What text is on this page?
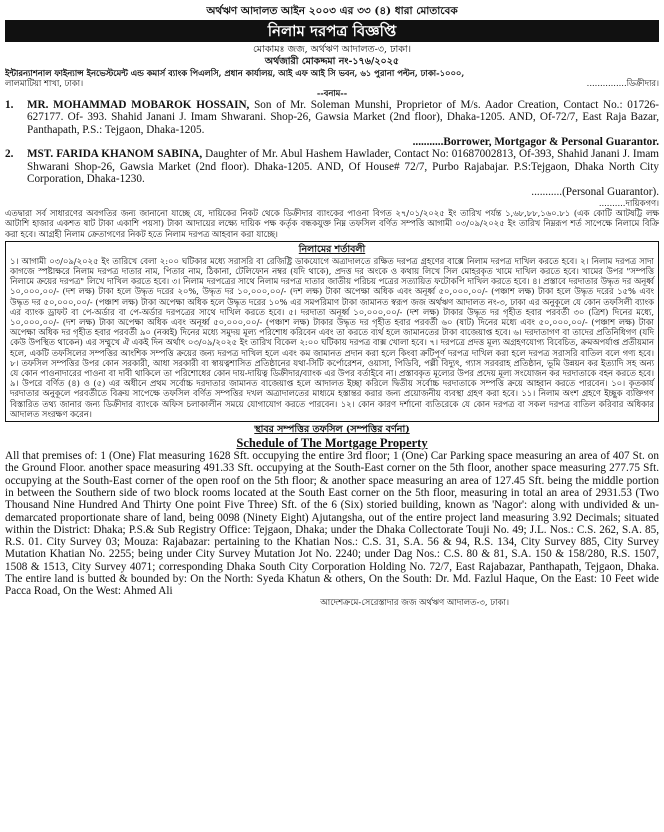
অর্থঋণ আদালত আইন ২০০৩ এর ৩৩ (৪) ধারা মোতাবেক
নিলাম দরপত্র বিজ্ঞপ্তি
মোকামঃ জজ, অর্থঋণ আদালত-৩, ঢাকা।
অর্থজারী মোকদ্দমা নং-১৭৬/২০২৫
ইন্টারন্যাশনাল ফাইন্যান্স ইনভেস্টমেন্ট এন্ড কমার্স ব্যাংক পিএলসি, প্রধান কার্যালয়, আই এফ আই সি ভবন, ৬১ পুরানা পল্টন, ঢাকা-১০০০,
লালমাটিয়া শাখা, ঢাকা।	...............ডিক্রীদার।
--বনাম--
1.	MR. MOHAMMAD MOBAROK HOSSAIN, Son of Mr. Soleman Munshi, Proprietor of M/s. Aador Creation, Contact No.: 01726-627177. Of- 393. Shahid Janani J. Imam Shwarani. Shop-26, Gawsia Market (2nd floor), Dhaka-1205. AND, Of-72/7, East Raja Bazar, Panthapath, P.S.: Tejgaon, Dhaka-1205.
...........Borrower, Mortgagor & Personal Guarantor.
2.	MST. FARIDA KHANOM SABINA, Daughter of Mr. Abul Hashem Hawlader, Contact No: 01687002813, Of-393, Shahid Janani J. Imam Shwarani Shop-26, Gawsia Market (2nd floor). Dhaka-1205. AND, Of House# 72/7, Purbo Rajabajar. P.S:Tejgaon, Dhaka North City Corporation, Dhaka-1230.
...........(Personal Guarantor).
..........দায়িকগণ।
এতদ্বারা সর্ব সাধারণের অবগতির জন্য জানানো যাচ্ছে যে, দায়িকের নিকট থেকে ডিক্রীদার ব্যাংকের পাওনা বিগত ২৭/০১/২০২৫ ইং তারিখ পর্যন্ত ১,৬৮,৮৮,১৬০.৮১ (এক কোটি আটষট্টি লক্ষ আটাশি হাজার একশত ষাট টাকা একাশি পয়সা) টাকা আদায়ের লক্ষ্যে দায়িক পক্ষ কর্তৃক বন্ধকযুক্ত নিম্ন তফসিল বর্ণিত সম্পত্তি আগামী ০৩/০৯/২০২৫ ইং তারিখ নিম্নরূপ শর্ত সাপেক্ষে নিলামে বিক্রি করা হবে। আগ্রহী নিলাম ক্রেতাগণের নিকট হতে নিলাম দরপত্র আহবান করা যাচ্ছে।
নিলামের শর্তাবলী
১। আগামী ০৩/০৯/২০২৫ ইং তারিখে বেলা ২:০০ ঘটিকার মধ্যে সরাসরি বা রেজিষ্ট্রি ডাকযোগে অত্রাদালতে রক্ষিত দরপত্র গ্রহণের বাক্সে নিলাম দরপত্র দাখিল করতে হবে। ২। নিলাম দরপত্র সাদা কাগজে স্পষ্টাক্ষরে নিলাম দরপত্র দাতার নাম, পিতার নাম, ঠিকানা, টেলিফোন নম্বর (যদি থাকে), প্রদত্ত দর অংকে ও কথায় লিখে সিল মোহরকৃত খামে দাখিল করতে হবে। খামের উপর "সম্পত্তি নিলামে ক্রয়ের দরপত্র" লিখে দাখিল করতে হবে। ৩। নিলাম দরপত্রের সাথে নিলাম দরপত্র দাতার জাতীয় পরিচয় পত্রের সত্যায়িত ফটোকপি দাখিল করতে হবে। ৪। প্রস্তাবে দরদাতার উদ্ধৃত দর অনূর্ধ্ব ১০,০০০,০০/- (দশ লক্ষ) টাকা হলে উদ্ধৃত দরের ২০%, উদ্ধৃত দর ১০,০০০,০০/- (দশ লক্ষ) টাকা অপেক্ষা অধিক এবং অনূর্ধ্ব ৫০,০০০,০০/- (পঞ্চাশ লক্ষ) টাকা হলে উদ্ধৃত দরের ১৫% এবং উদ্ধৃত দর ৫০,০০০,০০/- (পঞ্চাশ লক্ষ) টাকা অপেক্ষা অধিক হলে উদ্ধৃত দরের ১০% এর সমপরিমাণ টাকা জামানত স্বরূপ জজ অর্থঋণ আদালত নং-৩, ঢাকা এর অনুকূলে যে কোন তফসিলী ব্যাংক এর ব্যাংক ড্রাফট বা পে-অর্ডার বা পে-অর্ডার দরপত্রের সাথে দাখিল করতে হবে। ৫। দরদাতা অনূর্ধ্ব ১০,০০০,০০/- (দশ লক্ষ) টাকার উদ্ধৃত দর গৃহীত হবার পরবর্তী ৩০ (ত্রিশ) দিনের মধ্যে, ১০,০০০,০০/- (দশ লক্ষ) টাকা অপেক্ষা অধিক এবং অনূর্ধ্ব ৫০,০০০,০০/- (পঞ্চাশ লক্ষ) টাকার উদ্ধৃত দর গৃহীত হবার পরবর্তী ৬০ (ষাট) দিনের মধ্যে এবং ৫০,০০০,০০/- (পঞ্চাশ লক্ষ) টাকা অপেক্ষা অধিক দর গৃহীত হবার পরবর্তী ৯০ (নব্বই) দিনের মধ্যে সমুদয় মূল্য পরিশোধ করিবেন এবং তা করতে ব্যর্থ হলে জামানতের টাকা বাজেয়াপ্ত হবে। ৬। দরদাতাগণ বা তাদের প্রতিনিধিগণ (যদি কেউ উপস্থিত থাকেন) এর সম্মুখে ঐ একই দিন অর্থাৎ ০৩/০৯/২০২৫ ইং তারিখ বিকেল ২:০০ ঘটিকায় দরপত্র বাক্স খোলা হবে। ৭। দরপত্রে প্রদত্ত মূল্য অগ্রহণযোগ্য বিবেচিত, ক্রমঅপর্যাপ্ত প্রতীয়মান হলে, একটি তফসিলের সম্পত্তির আংশিক সম্পত্তি ক্রয়ের জন্য দরপত্র দাখিল হলে এবং কম জামানত প্রদান করা হলে কিংবা ক্রটিপূর্ণ দরপত্র দাখিল করা হলে দরপত্র সরাসরি বাতিল বলে গণ্য হবে। ৮। তফসিল সম্পত্তির উপর কোন সরকারী, আধা সরকারী বা স্বায়ত্বশাসিত প্রতিষ্ঠানের যথা-সিটি কর্পোরেশন, ওয়াসা, পিডিবি, পল্লী বিদ্যুৎ, গ্যাস সরবরাহ প্রতিষ্ঠান, ভূমি উন্নয়ন কর ইত্যাদি সহ অন্য যে কোন পাওনাদারের পাওনা বা দাবী থাকিলে তা পরিশোধের কোন দায়-দায়িত্ব ডিক্রীদার/ব্যাংক এর উপর বর্তাইবে না। প্রস্তাবকৃত মূল্যের উপর প্রদেয় মূল্য সংযোজন কর দরদাতাকে বহন করতে হবে। ৯। উপরে বর্ণিত (৪) ও (৫) এর অধীনে প্রথম সর্বোচ্চ দরদাতার জামানত বাজেয়াপ্ত হলে আদালত ইচ্ছা করিলে দ্বিতীয় সর্বোচ্চ দরদাতাকে সম্পত্তি ক্রয়ে আহ্বান করতে পারবেন। ১০। কৃতকার্য দরদাতার অনুকূলে পরবর্তীতে বিক্রয় সাপেক্ষে তফসিল বর্ণিত সম্পত্তির দখল অত্রাদালতের মাধ্যমে হস্তান্তর করার জন্য প্রয়োজনীয় ব্যবস্থা গ্রহণ করা হবে। ১১। নিলাম অংশ গ্রহণে ইচ্ছুক ব্যক্তিগণ বিস্তারিত তথ্য জানার জন্য ডিক্রীদার ব্যাংকে অফিস চলাকালীন সময়ে যোগাযোগ করতে পারবেন। ১২। কোন কারণ দর্শানো ব্যতিরেকে যে কোন দরপত্র বা সকল দরপত্র বাতিল করিবার অধিকার আদালত সংরক্ষণ করেন।
স্থাবর সম্পত্তির তফসিল (সম্পত্তির বর্ণনা)
Schedule of The Mortgage Property
All that premises of: 1 (One) Flat measuring 1628 Sft. occupying the entire 3rd floor; 1 (One) Car Parking space measuring an area of 407 St. on the Ground Floor. another space measuring 491.33 Sft. occupying at the South-East corner on the 5th floor, another space measuring 277.75 Sft. occupying at the South-East corner of the open roof on the 5th floor; & another space measuring an area of 127.45 Sft. being the middle portion in between the Southern side of two block rooms located at the South East corner on the 5th floor, measuring in total an area of 2931.53 (Two Thousand Nine Hundred And Thirty One point Five Three) Sft. of the 6 (Six) storied building, known as 'Nagor': along with undivided & un-demarcated proportionate share of land, being 0098 (Ninety Eight) Ajutangsha, out of the entire project land measuring 3.92 Decimals; situated within the District: Dhaka; P.S.& Sub Registry Office: Tejgaon, Dhaka; under the Dhaka Collectorate Touji No. 49; J.L. Nos.: C.S. 262, S.A. 85, R.S. 01. City Survey 03; Mouza: Rajabazar: pertaining to the Khatian Nos.: C.S. 31, S.A. 56 & 94, R.S. 134, City Survey 885, City Survey Mutation Khatian No. 2255; being under City Survey Mutation Jot No. 2240; under Dag Nos.: C.S. 80 & 81, S.A. 150 & 158/280, R.S. 1507, 1508 & 1513, City Survey 4071; corresponding Dhaka South City Corporation Holding No. 72/7, East Rajabazar, Panthapath, Tejgaon, Dhaka. The entire land is butted & bounded by: On the North: Syeda Khatun & others, On the South: Dr. Md. Fazlul Haque, On the East: 10 Feet wide Pacca Road, On the West: Ahmed Ali
আদেশক্রমে-সেরেস্তাদার জজ অর্থঋণ আদালত-৩, ঢাকা।
